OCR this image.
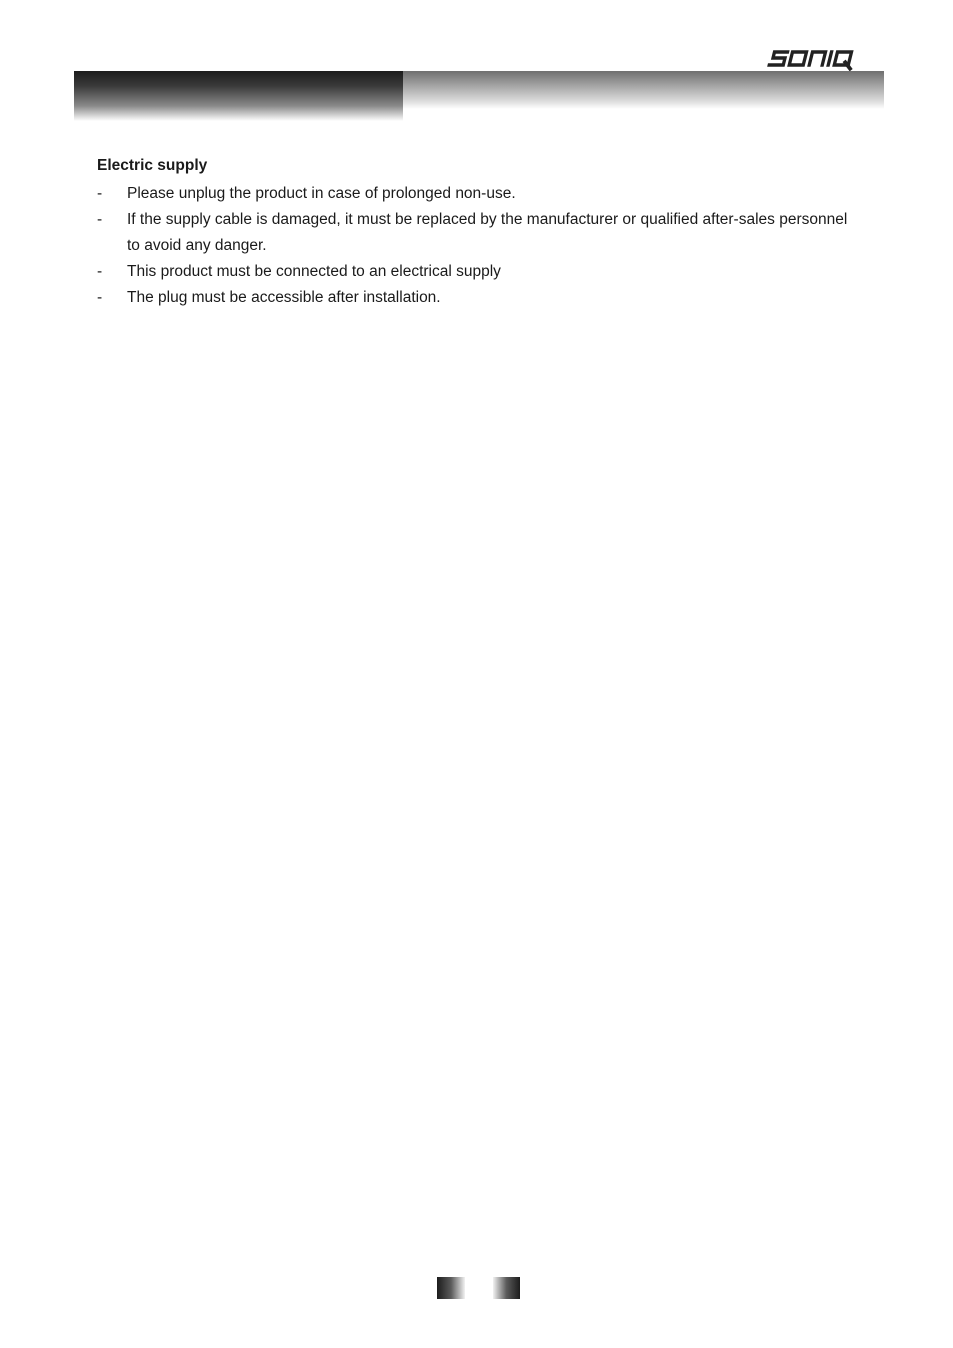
Electric supply
- Please unplug the product in case of prolonged non-use.
- If the supply cable is damaged, it must be replaced by the manufacturer or qualified after-sales personnel to avoid any danger.
- This product must be connected to an electrical supply
- The plug must be accessible after installation.
